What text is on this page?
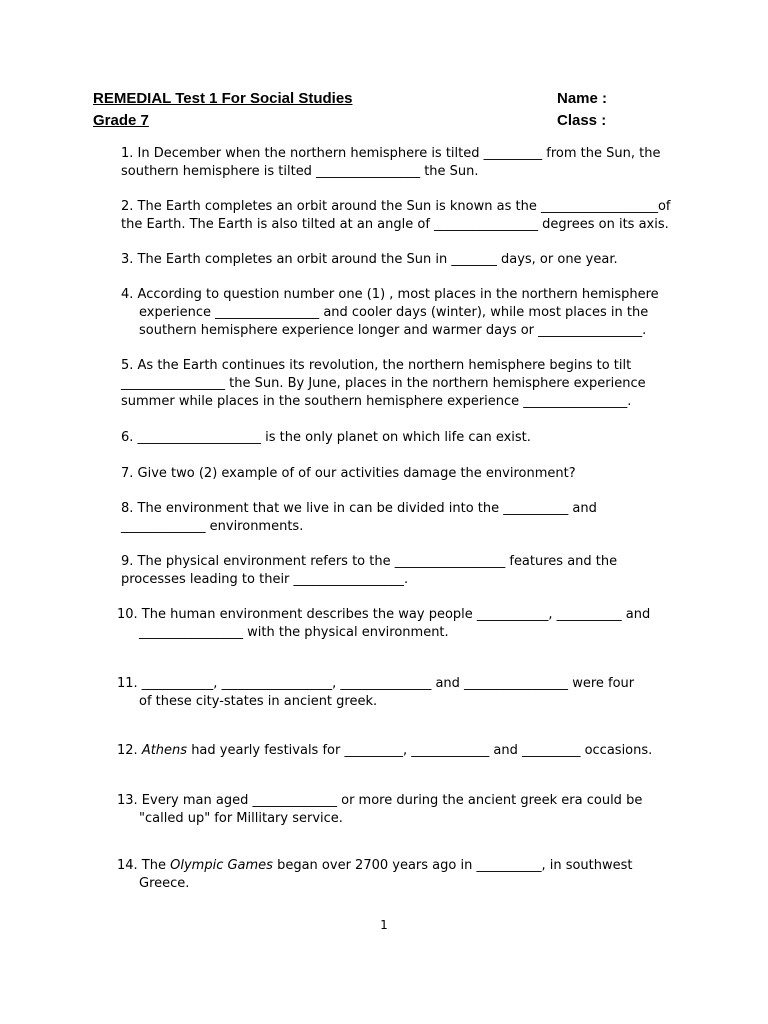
REMEDIAL Test 1 For Social Studies
Grade 7
Name :
Class :
1. In December when the northern hemisphere is tilted _________ from the Sun, the
southern hemisphere is tilted ________________ the Sun.
2. The Earth completes an orbit around the Sun is known as the __________________of
the Earth. The Earth is also tilted at an angle of ________________ degrees on its axis.
3. The Earth completes an orbit around the Sun in _______ days, or one year.
4. According to question number one (1) , most places in the northern hemisphere
experience ________________ and cooler days (winter), while most places in the
southern hemisphere experience longer and warmer days or ________________.
5. As the Earth continues its revolution, the northern hemisphere begins to tilt
________________ the Sun. By June, places in the northern hemisphere experience
summer while places in the southern hemisphere experience ________________.
6. ___________________ is the only planet on which life can exist.
7. Give two (2) example of of our activities damage the environment?
8. The environment that we live in can be divided into the __________ and
_____________ environments.
9. The physical environment refers to the _________________ features and the
processes leading to their _________________.
10. The human environment describes the way people ___________, __________ and
________________ with the physical environment.
11. ___________, _________________, ______________ and ________________ were four
of these city-states in ancient greek.
12. Athens had yearly festivals for _________, ____________ and _________ occasions.
13. Every man aged _____________ or more during the ancient greek era could be
"called up" for Millitary service.
14. The Olympic Games began over 2700 years ago in __________, in southwest
Greece.
1
